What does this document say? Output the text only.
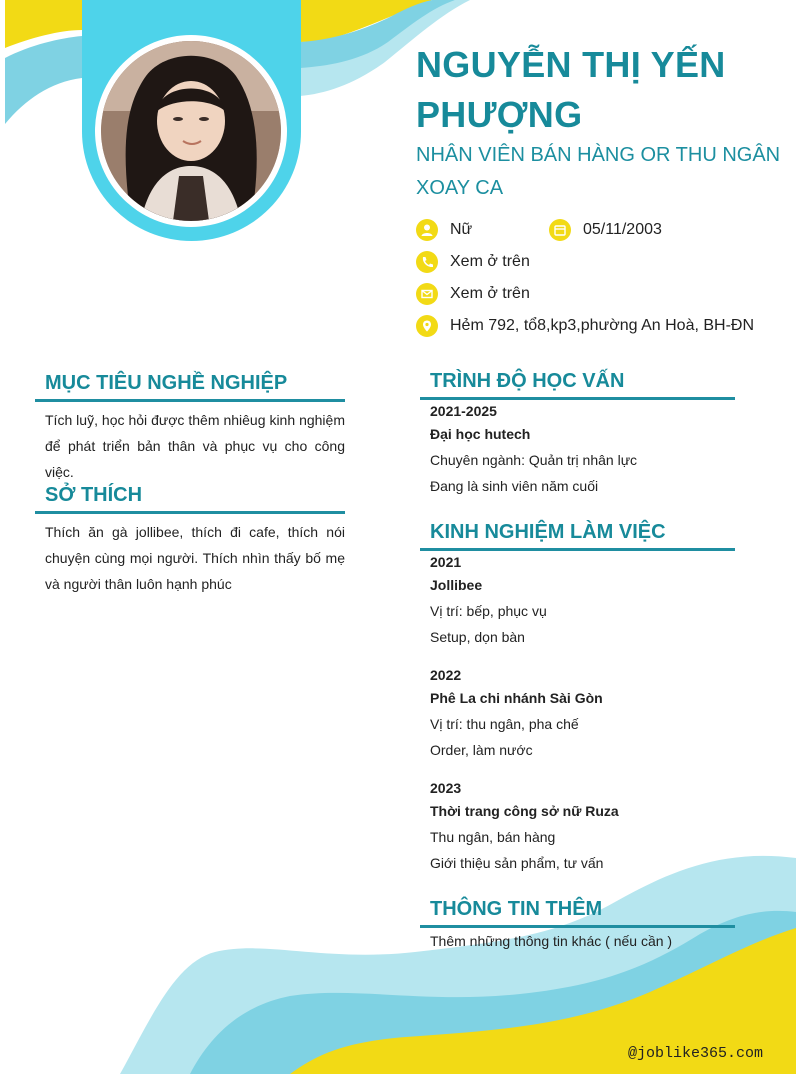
NGUYỄN THỊ YẾN PHƯỢNG
NHÂN VIÊN BÁN HÀNG OR THU NGÂN XOAY CA
Nữ	05/11/2003
Xem ở trên
Xem ở trên
Hẻm 792, tổ8,kp3,phường An Hoà, BH-ĐN
MỤC TIÊU NGHỀ NGHIỆP
Tích luỹ, học hỏi được thêm nhiêug kinh nghiệm để phát triển bản thân và phục vụ cho công việc.
SỞ THÍCH
Thích ăn gà jollibee, thích đi cafe, thích nói chuyện cùng mọi người. Thích nhìn thấy bố mẹ và người thân luôn hạnh phúc
TRÌNH ĐỘ HỌC VẤN
2021-2025
Đại học hutech
Chuyên ngành: Quản trị nhân lực
Đang là sinh viên năm cuối
KINH NGHIỆM LÀM VIỆC
2021
Jollibee
Vị trí: bếp, phục vụ
Setup, dọn bàn
2022
Phê La chi nhánh Sài Gòn
Vị trí: thu ngân, pha chế
Order, làm nước
2023
Thời trang công sở nữ Ruza
Thu ngân, bán hàng
Giới thiệu sản phẩm, tư vấn
THÔNG TIN THÊM
Thêm những thông tin khác ( nếu cần )
@joblike365.com
